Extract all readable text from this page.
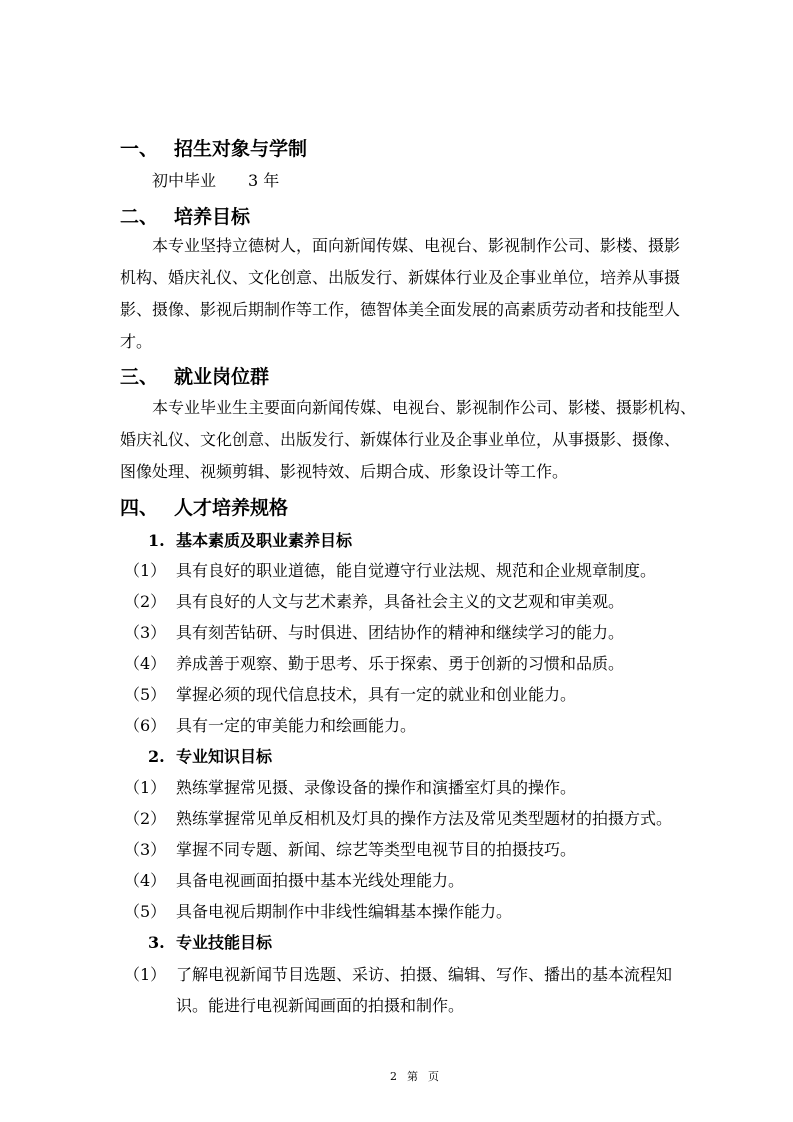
一、 招生对象与学制
初中毕业　　3 年
二、 培养目标
本专业坚持立德树人，面向新闻传媒、电视台、影视制作公司、影楼、摄影
机构、婚庆礼仪、文化创意、出版发行、新媒体行业及企事业单位，培养从事摄
影、摄像、影视后期制作等工作，德智体美全面发展的高素质劳动者和技能型人
才。
三、 就业岗位群
本专业毕业生主要面向新闻传媒、电视台、影视制作公司、影楼、摄影机构、
婚庆礼仪、文化创意、出版发行、新媒体行业及企事业单位，从事摄影、摄像、
图像处理、视频剪辑、影视特效、后期合成、形象设计等工作。
四、 人才培养规格
1. 基本素质及职业素养目标
（1） 具有良好的职业道德，能自觉遵守行业法规、规范和企业规章制度。
（2） 具有良好的人文与艺术素养，具备社会主义的文艺观和审美观。
（3） 具有刻苦钻研、与时俱进、团结协作的精神和继续学习的能力。
（4） 养成善于观察、勤于思考、乐于探索、勇于创新的习惯和品质。
（5） 掌握必须的现代信息技术，具有一定的就业和创业能力。
（6） 具有一定的审美能力和绘画能力。
2. 专业知识目标
（1） 熟练掌握常见摄、录像设备的操作和演播室灯具的操作。
（2） 熟练掌握常见单反相机及灯具的操作方法及常见类型题材的拍摄方式。
（3） 掌握不同专题、新闻、综艺等类型电视节目的拍摄技巧。
（4） 具备电视画面拍摄中基本光线处理能力。
（5） 具备电视后期制作中非线性编辑基本操作能力。
3. 专业技能目标
（1） 了解电视新闻节目选题、采访、拍摄、编辑、写作、播出的基本流程知
识。能进行电视新闻画面的拍摄和制作。
2 第 页
